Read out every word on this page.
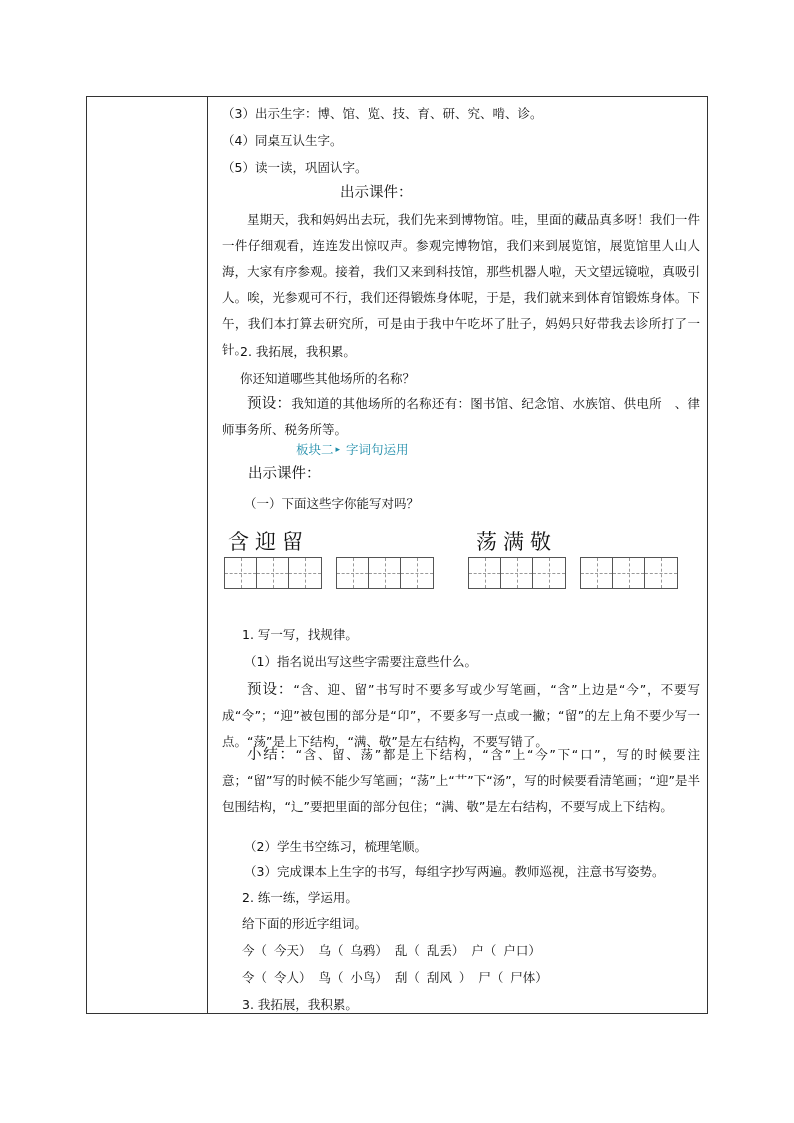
（3）出示生字：博、馆、览、技、育、研、究、啃、诊。
（4）同桌互认生字。
（5）读一读，巩固认字。
出示课件：
星期天，我和妈妈出去玩，我们先来到博物馆。哇，里面的藏品真多呀！我们一件一件仔细观看，连连发出惊叹声。参观完博物馆，我们来到展览馆，展览馆里人山人海，大家有序参观。接着，我们又来到科技馆，那些机器人啦，天文望远镜啦，真吸引人。唉，光参观可不行，我们还得锻炼身体呢，于是，我们就来到体育馆锻炼身体。下午，我们本打算去研究所，可是由于我中午吃坏了肚子，妈妈只好带我去诊所打了一针。
2. 我拓展，我积累。
你还知道哪些其他场所的名称？
预设：我知道的其他场所的名称还有：图书馆、纪念馆、水族馆、供电所　、律师事务所、税务所等。
板块二 ▸ 字词句运用
出示课件：
（一）下面这些字你能写对吗？
含迎留	荡满敬
1. 写一写，找规律。
（1）指名说出写这些字需要注意些什么。
预设：“含、迎、留”书写时不要多写或少写笔画，“含”上边是“今”，不要写成“令”；“迎”被包围的部分是“卬”，不要多写一点或一撇；“留”的左上角不要少写一点。“荡”是上下结构，“满、敬”是左右结构，不要写错了。
小结：“含、留、荡”都是上下结构，“含”上“今”下“口”，写的时候要注意；“留”写的时候不能少写笔画；“荡”上“艹”下“汤”，写的时候要看清笔画；“迎”是半包围结构，“辶”要把里面的部分包住；“满、敬”是左右结构，不要写成上下结构。
（2）学生书空练习，梳理笔顺。
（3）完成课本上生字的书写，每组字抄写两遍。教师巡视，注意书写姿势。
2. 练一练，学运用。
给下面的形近字组词。
今（ 今天） 乌（ 乌鸦） 乱（ 乱丢） 户（ 户口）
令（ 令人） 鸟（ 小鸟） 刮（ 刮风 ） 尸（ 尸体）
3. 我拓展，我积累。
